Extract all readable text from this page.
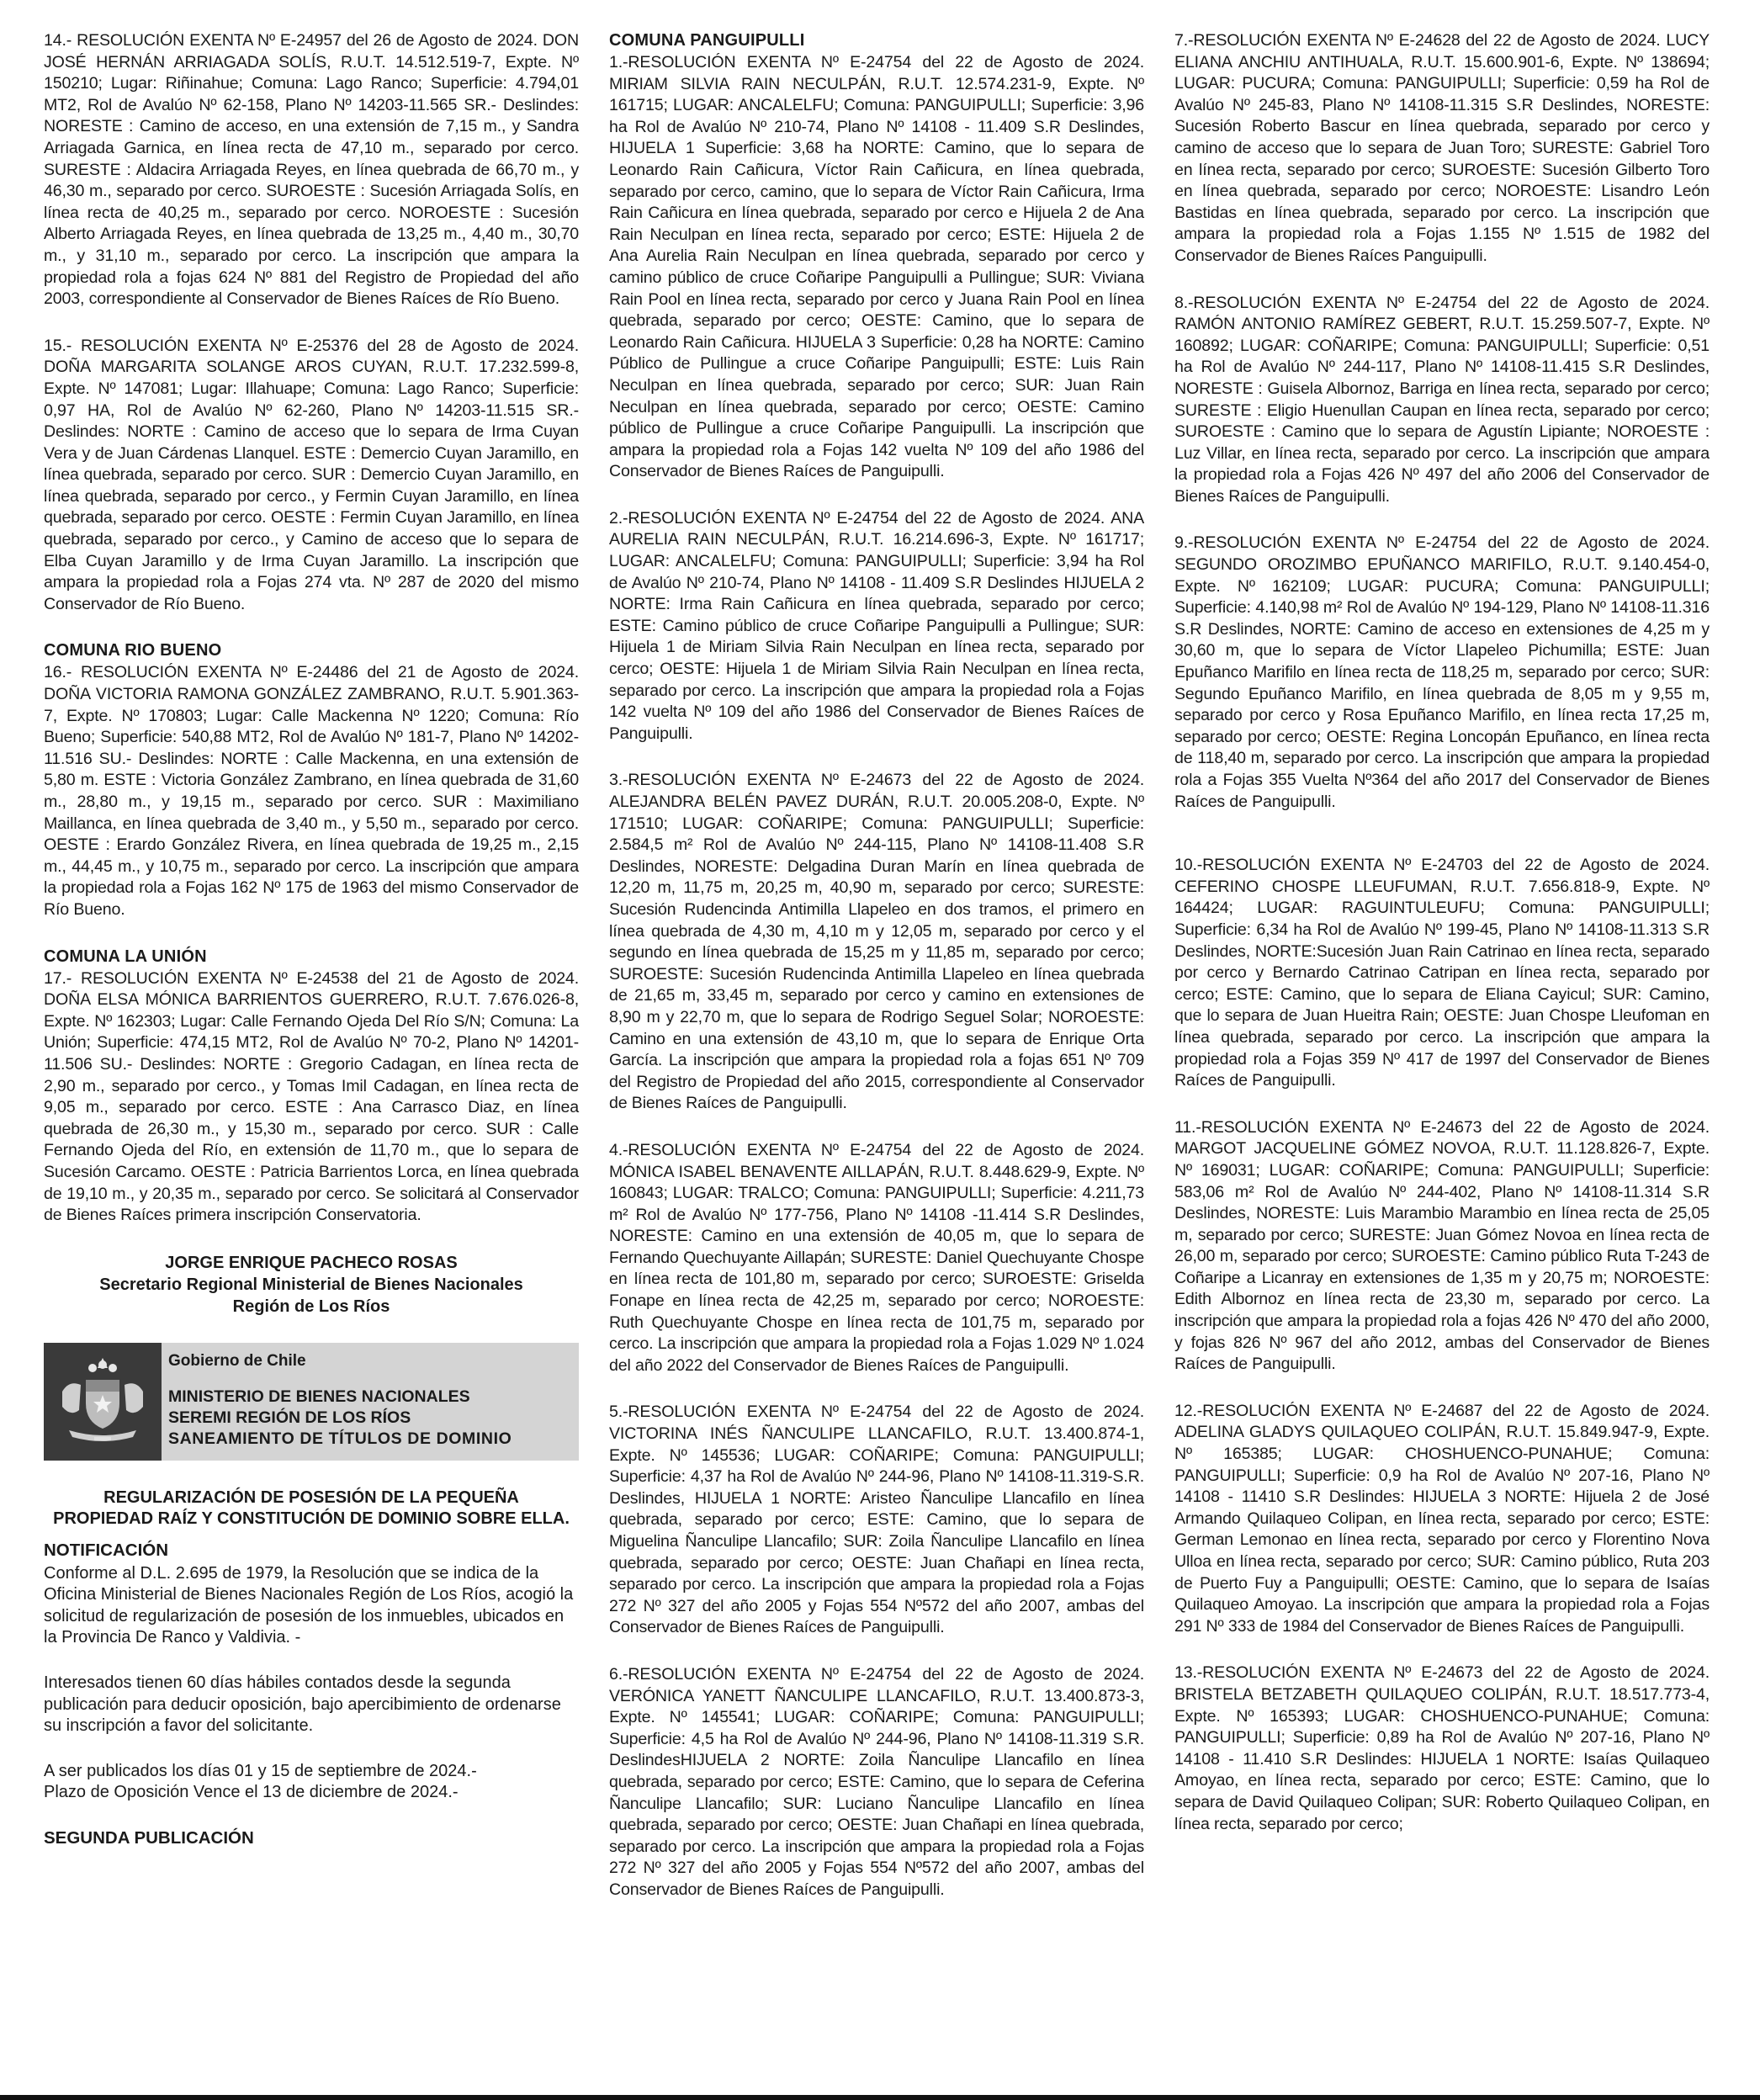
14.- RESOLUCIÓN EXENTA Nº E-24957 del 26 de Agosto de 2024. DON JOSÉ HERNÁN ARRIAGADA SOLÍS, R.U.T. 14.512.519-7, Expte. Nº 150210; Lugar: Riñinahue; Comuna: Lago Ranco; Superficie: 4.794,01 MT2, Rol de Avalúo Nº 62-158, Plano Nº 14203-11.565 SR.- Deslindes: NORESTE : Camino de acceso, en una extensión de 7,15 m., y Sandra Arriagada Garnica, en línea recta de 47,10 m., separado por cerco. SURESTE : Aldacira Arriagada Reyes, en línea quebrada de 66,70 m., y 46,30 m., separado por cerco. SUROESTE : Sucesión Arriagada Solís, en línea recta de 40,25 m., separado por cerco. NOROESTE : Sucesión Alberto Arriagada Reyes, en línea quebrada de 13,25 m., 4,40 m., 30,70 m., y 31,10 m., separado por cerco. La inscripción que ampara la propiedad rola a fojas 624 Nº 881 del Registro de Propiedad del año 2003, correspondiente al Conservador de Bienes Raíces de Río Bueno.

15.- RESOLUCIÓN EXENTA Nº E-25376 del 28 de Agosto de 2024. DOÑA MARGARITA SOLANGE AROS CUYAN, R.U.T. 17.232.599-8, Expte. Nº 147081; Lugar: Illahuape; Comuna: Lago Ranco; Superficie: 0,97 HA, Rol de Avalúo Nº 62-260, Plano Nº 14203-11.515 SR.- Deslindes: NORTE : Camino de acceso que lo separa de Irma Cuyan Vera y de Juan Cárdenas Llanquel. ESTE : Demercio Cuyan Jaramillo, en línea quebrada, separado por cerco. SUR : Demercio Cuyan Jaramillo, en línea quebrada, separado por cerco., y Fermin Cuyan Jaramillo, en línea quebrada, separado por cerco. OESTE : Fermin Cuyan Jaramillo, en línea quebrada, separado por cerco., y Camino de acceso que lo separa de Elba Cuyan Jaramillo y de Irma Cuyan Jaramillo. La inscripción que ampara la propiedad rola a Fojas 274 vta. Nº 287 de 2020 del mismo Conservador de Río Bueno.

COMUNA RIO BUENO

16.- RESOLUCIÓN EXENTA Nº E-24486 del 21 de Agosto de 2024. DOÑA VICTORIA RAMONA GONZÁLEZ ZAMBRANO, R.U.T. 5.901.363-7, Expte. Nº 170803; Lugar: Calle Mackenna Nº 1220; Comuna: Río Bueno; Superficie: 540,88 MT2, Rol de Avalúo Nº 181-7, Plano Nº 14202-11.516 SU.- Deslindes: NORTE : Calle Mackenna, en una extensión de 5,80 m. ESTE : Victoria González Zambrano, en línea quebrada de 31,60 m., 28,80 m., y 19,15 m., separado por cerco. SUR : Maximiliano Maillanca, en línea quebrada de 3,40 m., y 5,50 m., separado por cerco. OESTE : Erardo González Rivera, en línea quebrada de 19,25 m., 2,15 m., 44,45 m., y 10,75 m., separado por cerco. La inscripción que ampara la propiedad rola a Fojas 162 Nº 175 de 1963 del mismo Conservador de Río Bueno.

COMUNA LA UNIÓN

17.- RESOLUCIÓN EXENTA Nº E-24538 del 21 de Agosto de 2024. DOÑA ELSA MÓNICA BARRIENTOS GUERRERO, R.U.T. 7.676.026-8, Expte. Nº 162303; Lugar: Calle Fernando Ojeda Del Río S/N; Comuna: La Unión; Superficie: 474,15 MT2, Rol de Avalúo Nº 70-2, Plano Nº 14201-11.506 SU.- Deslindes: NORTE : Gregorio Cadagan, en línea recta de 2,90 m., separado por cerco., y Tomas Imil Cadagan, en línea recta de 9,05 m., separado por cerco. ESTE : Ana Carrasco Diaz, en línea quebrada de 26,30 m., y 15,30 m., separado por cerco. SUR : Calle Fernando Ojeda del Río, en extensión de 11,70 m., que lo separa de Sucesión Carcamo. OESTE : Patricia Barrientos Lorca, en línea quebrada de 19,10 m., y 20,35 m., separado por cerco. Se solicitará al Conservador de Bienes Raíces primera inscripción Conservatoria.

JORGE ENRIQUE PACHECO ROSAS
Secretario Regional Ministerial de Bienes Nacionales
Región de Los Ríos
Gobierno de Chile
MINISTERIO DE BIENES NACIONALES
SEREMI REGIÓN DE LOS RÍOS
SANEAMIENTO DE TÍTULOS DE DOMINIO
REGULARIZACIÓN DE POSESIÓN DE LA PEQUEÑA
PROPIEDAD RAÍZ Y CONSTITUCIÓN DE DOMINIO SOBRE ELLA.
NOTIFICACIÓN

Conforme al D.L. 2.695 de 1979, la Resolución que se indica de la Oficina Ministerial de Bienes Nacionales Región de Los Ríos, acogió la solicitud de regularización de posesión de los inmuebles, ubicados en la Provincia De Ranco y Valdivia. -

Interesados tienen 60 días hábiles contados desde la segunda publicación para deducir oposición, bajo apercibimiento de ordenarse su inscripción a favor del solicitante.

A ser publicados los días 01 y 15 de septiembre de 2024.-
Plazo de Oposición Vence el 13 de diciembre de 2024.-

SEGUNDA PUBLICACIÓN
COMUNA PANGUIPULLI

1.-RESOLUCIÓN EXENTA Nº E-24754 del 22 de Agosto de 2024. MIRIAM SILVIA RAIN NECULPÁN, R.U.T. 12.574.231-9, Expte. Nº 161715; LUGAR: ANCALELFU; Comuna: PANGUIPULLI; Superficie: 3,96 ha Rol de Avalúo Nº 210-74, Plano Nº 14108 - 11.409 S.R Deslindes, HIJUELA 1 Superficie: 3,68 ha NORTE: Camino, que lo separa de Leonardo Rain Cañicura, Víctor Rain Cañicura, en línea quebrada, separado por cerco, camino, que lo separa de Víctor Rain Cañicura, Irma Rain Cañicura en línea quebrada, separado por cerco e Hijuela 2 de Ana Rain Neculpan en línea recta, separado por cerco; ESTE: Hijuela 2 de Ana Aurelia Rain Neculpan en línea quebrada, separado por cerco y camino público de cruce Coñaripe Panguipulli a Pullingue; SUR: Viviana Rain Pool en línea recta, separado por cerco y Juana Rain Pool en línea quebrada, separado por cerco; OESTE: Camino, que lo separa de Leonardo Rain Cañicura. HIJUELA 3 Superficie: 0,28 ha NORTE: Camino Público de Pullingue a cruce Coñaripe Panguipulli; ESTE: Luis Rain Neculpan en línea quebrada, separado por cerco; SUR: Juan Rain Neculpan en línea quebrada, separado por cerco; OESTE: Camino público de Pullingue a cruce Coñaripe Panguipulli. La inscripción que ampara la propiedad rola a Fojas 142 vuelta Nº 109 del año 1986 del Conservador de Bienes Raíces de Panguipulli.

2.-RESOLUCIÓN EXENTA Nº E-24754 del 22 de Agosto de 2024. ANA AURELIA RAIN NECULPÁN, R.U.T. 16.214.696-3, Expte. Nº 161717; LUGAR: ANCALELFU; Comuna: PANGUIPULLI; Superficie: 3,94 ha Rol de Avalúo Nº 210-74, Plano Nº 14108 - 11.409 S.R Deslindes HIJUELA 2 NORTE: Irma Rain Cañicura en línea quebrada, separado por cerco; ESTE: Camino público de cruce Coñaripe Panguipulli a Pullingue; SUR: Hijuela 1 de Miriam Silvia Rain Neculpan en línea recta, separado por cerco; OESTE: Hijuela 1 de Miriam Silvia Rain Neculpan en línea recta, separado por cerco. La inscripción que ampara la propiedad rola a Fojas 142 vuelta Nº 109 del año 1986 del Conservador de Bienes Raíces de Panguipulli.

3.-RESOLUCIÓN EXENTA Nº E-24673 del 22 de Agosto de 2024. ALEJANDRA BELÉN PAVEZ DURÁN, R.U.T. 20.005.208-0, Expte. Nº 171510; LUGAR: COÑARIPE; Comuna: PANGUIPULLI; Superficie: 2.584,5 m² Rol de Avalúo Nº 244-115, Plano Nº 14108-11.408 S.R Deslindes, NORESTE: Delgadina Duran Marín en línea quebrada de 12,20 m, 11,75 m, 20,25 m, 40,90 m, separado por cerco; SURESTE: Sucesión Rudencinda Antimilla Llapeleo en dos tramos, el primero en línea quebrada de 4,30 m, 4,10 m y 12,05 m, separado por cerco y el segundo en línea quebrada de 15,25 m y 11,85 m, separado por cerco; SUROESTE: Sucesión Rudencinda Antimilla Llapeleo en línea quebrada de 21,65 m, 33,45 m, separado por cerco y camino en extensiones de 8,90 m y 22,70 m, que lo separa de Rodrigo Seguel Solar; NOROESTE: Camino en una extensión de 43,10 m, que lo separa de Enrique Orta García. La inscripción que ampara la propiedad rola a fojas 651 Nº 709 del Registro de Propiedad del año 2015, correspondiente al Conservador de Bienes Raíces de Panguipulli.

4.-RESOLUCIÓN EXENTA Nº E-24754 del 22 de Agosto de 2024. MÓNICA ISABEL BENAVENTE AILLAPÁN, R.U.T. 8.448.629-9, Expte. Nº 160843; LUGAR: TRALCO; Comuna: PANGUIPULLI; Superficie: 4.211,73 m² Rol de Avalúo Nº 177-756, Plano Nº 14108 -11.414 S.R Deslindes, NORESTE: Camino en una extensión de 40,05 m, que lo separa de Fernando Quechuyante Aillapán; SURESTE: Daniel Quechuyante Chospe en línea recta de 101,80 m, separado por cerco; SUROESTE: Griselda Fonape en línea recta de 42,25 m, separado por cerco; NOROESTE: Ruth Quechuyante Chospe en línea recta de 101,75 m, separado por cerco. La inscripción que ampara la propiedad rola a Fojas 1.029 Nº 1.024 del año 2022 del Conservador de Bienes Raíces de Panguipulli.

5.-RESOLUCIÓN EXENTA Nº E-24754 del 22 de Agosto de 2024. VICTORINA INÉS ÑANCULIPE LLANCAFILO, R.U.T. 13.400.874-1, Expte. Nº 145536; LUGAR: COÑARIPE; Comuna: PANGUIPULLI; Superficie: 4,37 ha Rol de Avalúo Nº 244-96, Plano Nº 14108-11.319-S.R. Deslindes, HIJUELA 1 NORTE: Aristeo Ñanculipe Llancafilo en línea quebrada, separado por cerco; ESTE: Camino, que lo separa de Miguelina Ñanculipe Llancafilo; SUR: Zoila Ñanculipe Llancafilo en línea quebrada, separado por cerco; OESTE: Juan Chañapi en línea recta, separado por cerco. La inscripción que ampara la propiedad rola a Fojas 272 Nº 327 del año 2005 y Fojas 554 Nº572 del año 2007, ambas del Conservador de Bienes Raíces de Panguipulli.

6.-RESOLUCIÓN EXENTA Nº E-24754 del 22 de Agosto de 2024. VERÓNICA YANETT ÑANCULIPE LLANCAFILO, R.U.T. 13.400.873-3, Expte. Nº 145541; LUGAR: COÑARIPE; Comuna: PANGUIPULLI; Superficie: 4,5 ha Rol de Avalúo Nº 244-96, Plano Nº 14108-11.319 S.R. DeslindesHIJUELA 2 NORTE: Zoila Ñanculipe Llancafilo en línea quebrada, separado por cerco; ESTE: Camino, que lo separa de Ceferina Ñanculipe Llancafilo; SUR: Luciano Ñanculipe Llancafilo en línea quebrada, separado por cerco; OESTE: Juan Chañapi en línea quebrada, separado por cerco. La inscripción que ampara la propiedad rola a Fojas 272 Nº 327 del año 2005 y Fojas 554 Nº572 del año 2007, ambas del Conservador de Bienes Raíces de Panguipulli.

7.-RESOLUCIÓN EXENTA Nº E-24628 del 22 de Agosto de 2024. LUCY ELIANA ANCHIU ANTIHUALA, R.U.T. 15.600.901-6, Expte. Nº 138694; LUGAR: PUCURA; Comuna: PANGUIPULLI; Superficie: 0,59 ha Rol de Avalúo Nº 245-83, Plano Nº 14108-11.315 S.R Deslindes, NORESTE: Sucesión Roberto Bascur en línea quebrada, separado por cerco y camino de acceso que lo separa de Juan Toro; SURESTE: Gabriel Toro en línea recta, separado por cerco; SUROESTE: Sucesión Gilberto Toro en línea quebrada, separado por cerco; NOROESTE: Lisandro León Bastidas en línea quebrada, separado por cerco. La inscripción que ampara la propiedad rola a Fojas 1.155 Nº 1.515 de 1982 del Conservador de Bienes Raíces Panguipulli.

8.-RESOLUCIÓN EXENTA Nº E-24754 del 22 de Agosto de 2024. RAMÓN ANTONIO RAMÍREZ GEBERT, R.U.T. 15.259.507-7, Expte. Nº 160892; LUGAR: COÑARIPE; Comuna: PANGUIPULLI; Superficie: 0,51 ha Rol de Avalúo Nº 244-117, Plano Nº 14108-11.415 S.R Deslindes, NORESTE : Guisela Albornoz, Barriga en línea recta, separado por cerco; SURESTE : Eligio Huenullan Caupan en línea recta, separado por cerco; SUROESTE : Camino que lo separa de Agustín Lipiante; NOROESTE : Luz Villar, en línea recta, separado por cerco. La inscripción que ampara la propiedad rola a Fojas 426 Nº 497 del año 2006 del Conservador de Bienes Raíces de Panguipulli.

9.-RESOLUCIÓN EXENTA Nº E-24754 del 22 de Agosto de 2024. SEGUNDO OROZIMBO EPUÑANCO MARIFILO, R.U.T. 9.140.454-0, Expte. Nº 162109; LUGAR: PUCURA; Comuna: PANGUIPULLI; Superficie: 4.140,98 m² Rol de Avalúo Nº 194-129, Plano Nº 14108-11.316 S.R Deslindes, NORTE: Camino de acceso en extensiones de 4,25 m y 30,60 m, que lo separa de Víctor Llapeleo Pichumilla; ESTE: Juan Epuñanco Marifilo en línea recta de 118,25 m, separado por cerco; SUR: Segundo Epuñanco Marifilo, en línea quebrada de 8,05 m y 9,55 m, separado por cerco y Rosa Epuñanco Marifilo, en línea recta 17,25 m, separado por cerco; OESTE: Regina Loncopán Epuñanco, en línea recta de 118,40 m, separado por cerco. La inscripción que ampara la propiedad rola a Fojas 355 Vuelta Nº364 del año 2017 del Conservador de Bienes Raíces de Panguipulli.

10.-RESOLUCIÓN EXENTA Nº E-24703 del 22 de Agosto de 2024. CEFERINO CHOSPE LLEUFUMAN, R.U.T. 7.656.818-9, Expte. Nº 164424; LUGAR: RAGUINTULEUFU; Comuna: PANGUIPULLI; Superficie: 6,34 ha Rol de Avalúo Nº 199-45, Plano Nº 14108-11.313 S.R Deslindes, NORTE:Sucesión Juan Rain Catrinao en línea recta, separado por cerco y Bernardo Catrinao Catripan en línea recta, separado por cerco; ESTE: Camino, que lo separa de Eliana Cayicul; SUR: Camino, que lo separa de Juan Hueitra Rain; OESTE: Juan Chospe Lleufoman en línea quebrada, separado por cerco. La inscripción que ampara la propiedad rola a Fojas 359 Nº 417 de 1997 del Conservador de Bienes Raíces de Panguipulli.

11.-RESOLUCIÓN EXENTA Nº E-24673 del 22 de Agosto de 2024. MARGOT JACQUELINE GÓMEZ NOVOA, R.U.T. 11.128.826-7, Expte. Nº 169031; LUGAR: COÑARIPE; Comuna: PANGUIPULLI; Superficie: 583,06 m² Rol de Avalúo Nº 244-402, Plano Nº 14108-11.314 S.R Deslindes, NORESTE: Luis Marambio Marambio en línea recta de 25,05 m, separado por cerco; SURESTE: Juan Gómez Novoa en línea recta de 26,00 m, separado por cerco; SUROESTE: Camino público Ruta T-243 de Coñaripe a Licanray en extensiones de 1,35 m y 20,75 m; NOROESTE: Edith Albornoz en línea recta de 23,30 m, separado por cerco. La inscripción que ampara la propiedad rola a fojas 426 Nº 470 del año 2000, y fojas 826 Nº 967 del año 2012, ambas del Conservador de Bienes Raíces de Panguipulli.

12.-RESOLUCIÓN EXENTA Nº E-24687 del 22 de Agosto de 2024. ADELINA GLADYS QUILAQUEO COLIPÁN, R.U.T. 15.849.947-9, Expte. Nº 165385; LUGAR: CHOSHUENCO-PUNAHUE; Comuna: PANGUIPULLI; Superficie: 0,9 ha Rol de Avalúo Nº 207-16, Plano Nº 14108 - 11410 S.R Deslindes: HIJUELA 3 NORTE: Hijuela 2 de José Armando Quilaqueo Colipan, en línea recta, separado por cerco; ESTE: German Lemonao en línea recta, separado por cerco y Florentino Nova Ulloa en línea recta, separado por cerco; SUR: Camino público, Ruta 203 de Puerto Fuy a Panguipulli; OESTE: Camino, que lo separa de Isaías Quilaqueo Amoyao. La inscripción que ampara la propiedad rola a Fojas 291 Nº 333 de 1984 del Conservador de Bienes Raíces de Panguipulli.

13.-RESOLUCIÓN EXENTA Nº E-24673 del 22 de Agosto de 2024. BRISTELA BETZABETH QUILAQUEO COLIPÁN, R.U.T. 18.517.773-4, Expte. Nº 165393; LUGAR: CHOSHUENCO-PUNAHUE; Comuna: PANGUIPULLI; Superficie: 0,89 ha Rol de Avalúo Nº 207-16, Plano Nº 14108 - 11.410 S.R Deslindes: HIJUELA 1 NORTE: Isaías Quilaqueo Amoyao, en línea recta, separado por cerco; ESTE: Camino, que lo separa de David Quilaqueo Colipan; SUR: Roberto Quilaqueo Colipan, en línea recta, separado por cerco;
